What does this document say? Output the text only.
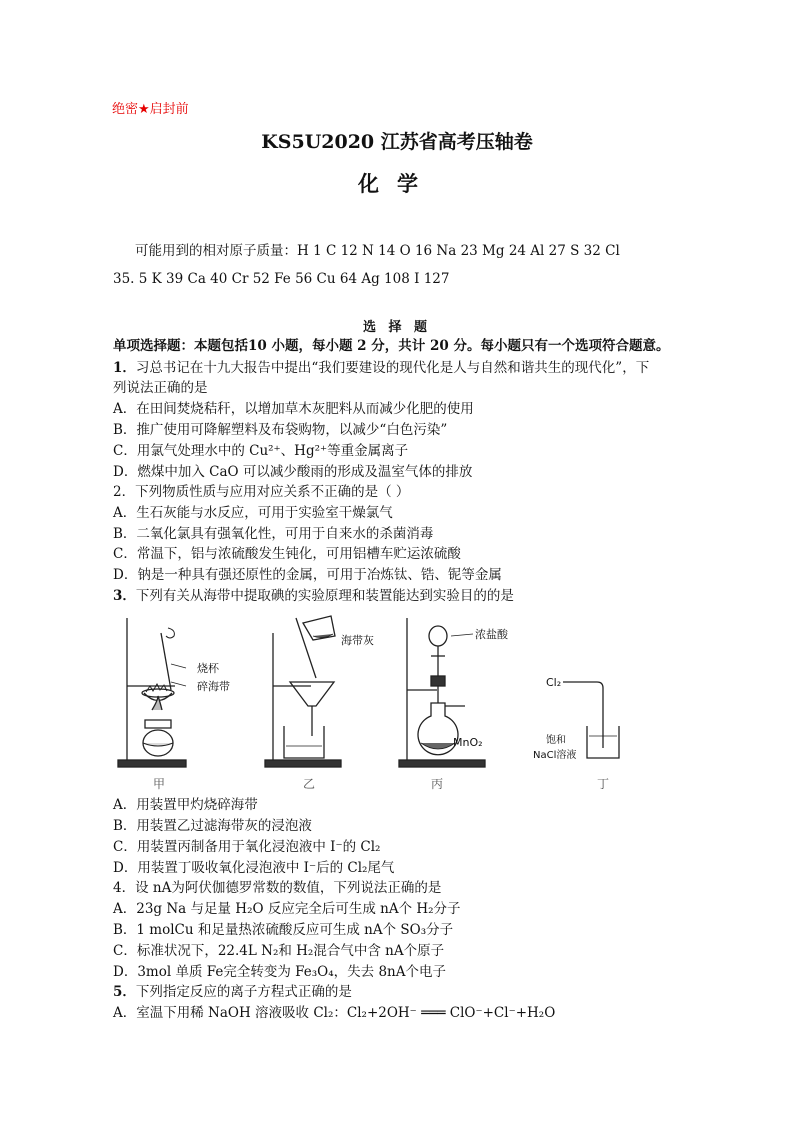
绝密★启封前
KS5U2020 江苏省高考压轴卷
化学
可能用到的相对原子质量：H 1 C 12 N 14 O 16 Na 23 Mg 24 Al 27 S 32 Cl
35. 5 K 39 Ca 40 Cr 52 Fe 56 Cu 64 Ag 108 I 127
选 择 题
单项选择题：本题包括10 小题，每小题 2 分，共计 20 分。每小题只有一个选项符合题意。
1．习总书记在十九大报告中提出“我们要建设的现代化是人与自然和谐共生的现代化”，下
列说法正确的是
A．在田间焚烧秸秆，以增加草木灰肥料从而减少化肥的使用
B．推广使用可降解塑料及布袋购物，以减少“白色污染”
C．用氯气处理水中的 Cu²⁺、Hg²⁺等重金属离子
D．燃煤中加入 CaO 可以减少酸雨的形成及温室气体的排放
2．下列物质性质与应用对应关系不正确的是（ ）
A．生石灰能与水反应，可用于实验室干燥氯气
B．二氧化氯具有强氧化性，可用于自来水的杀菌消毒
C．常温下，铝与浓硫酸发生钝化，可用铝槽车贮运浓硫酸
D．钠是一种具有强还原性的金属，可用于冶炼钛、锆、铌等金属
3．下列有关从海带中提取碘的实验原理和装置能达到实验目的的是
烧杯
碎海带
甲
海带灰
乙
浓盐酸
MnO₂
丙
Cl₂
饱和
NaCl溶液
丁
A．用装置甲灼烧碎海带
B．用装置乙过滤海带灰的浸泡液
C．用装置丙制备用于氧化浸泡液中 I⁻的 Cl₂
D．用装置丁吸收氧化浸泡液中 I⁻后的 Cl₂尾气
4．设 nA为阿伏伽德罗常数的数值，下列说法正确的是
A．23g Na 与足量 H₂O 反应完全后可生成 nA个 H₂分子
B．1 molCu 和足量热浓硫酸反应可生成 nA个 SO₃分子
C．标准状况下，22.4L N₂和 H₂混合气中含 nA个原子
D．3mol 单质 Fe完全转变为 Fe₃O₄，失去 8nA个电子
5．下列指定反应的离子方程式正确的是
A．室温下用稀 NaOH 溶液吸收 Cl₂：Cl₂+2OH⁻ ═══ ClO⁻+Cl⁻+H₂O
